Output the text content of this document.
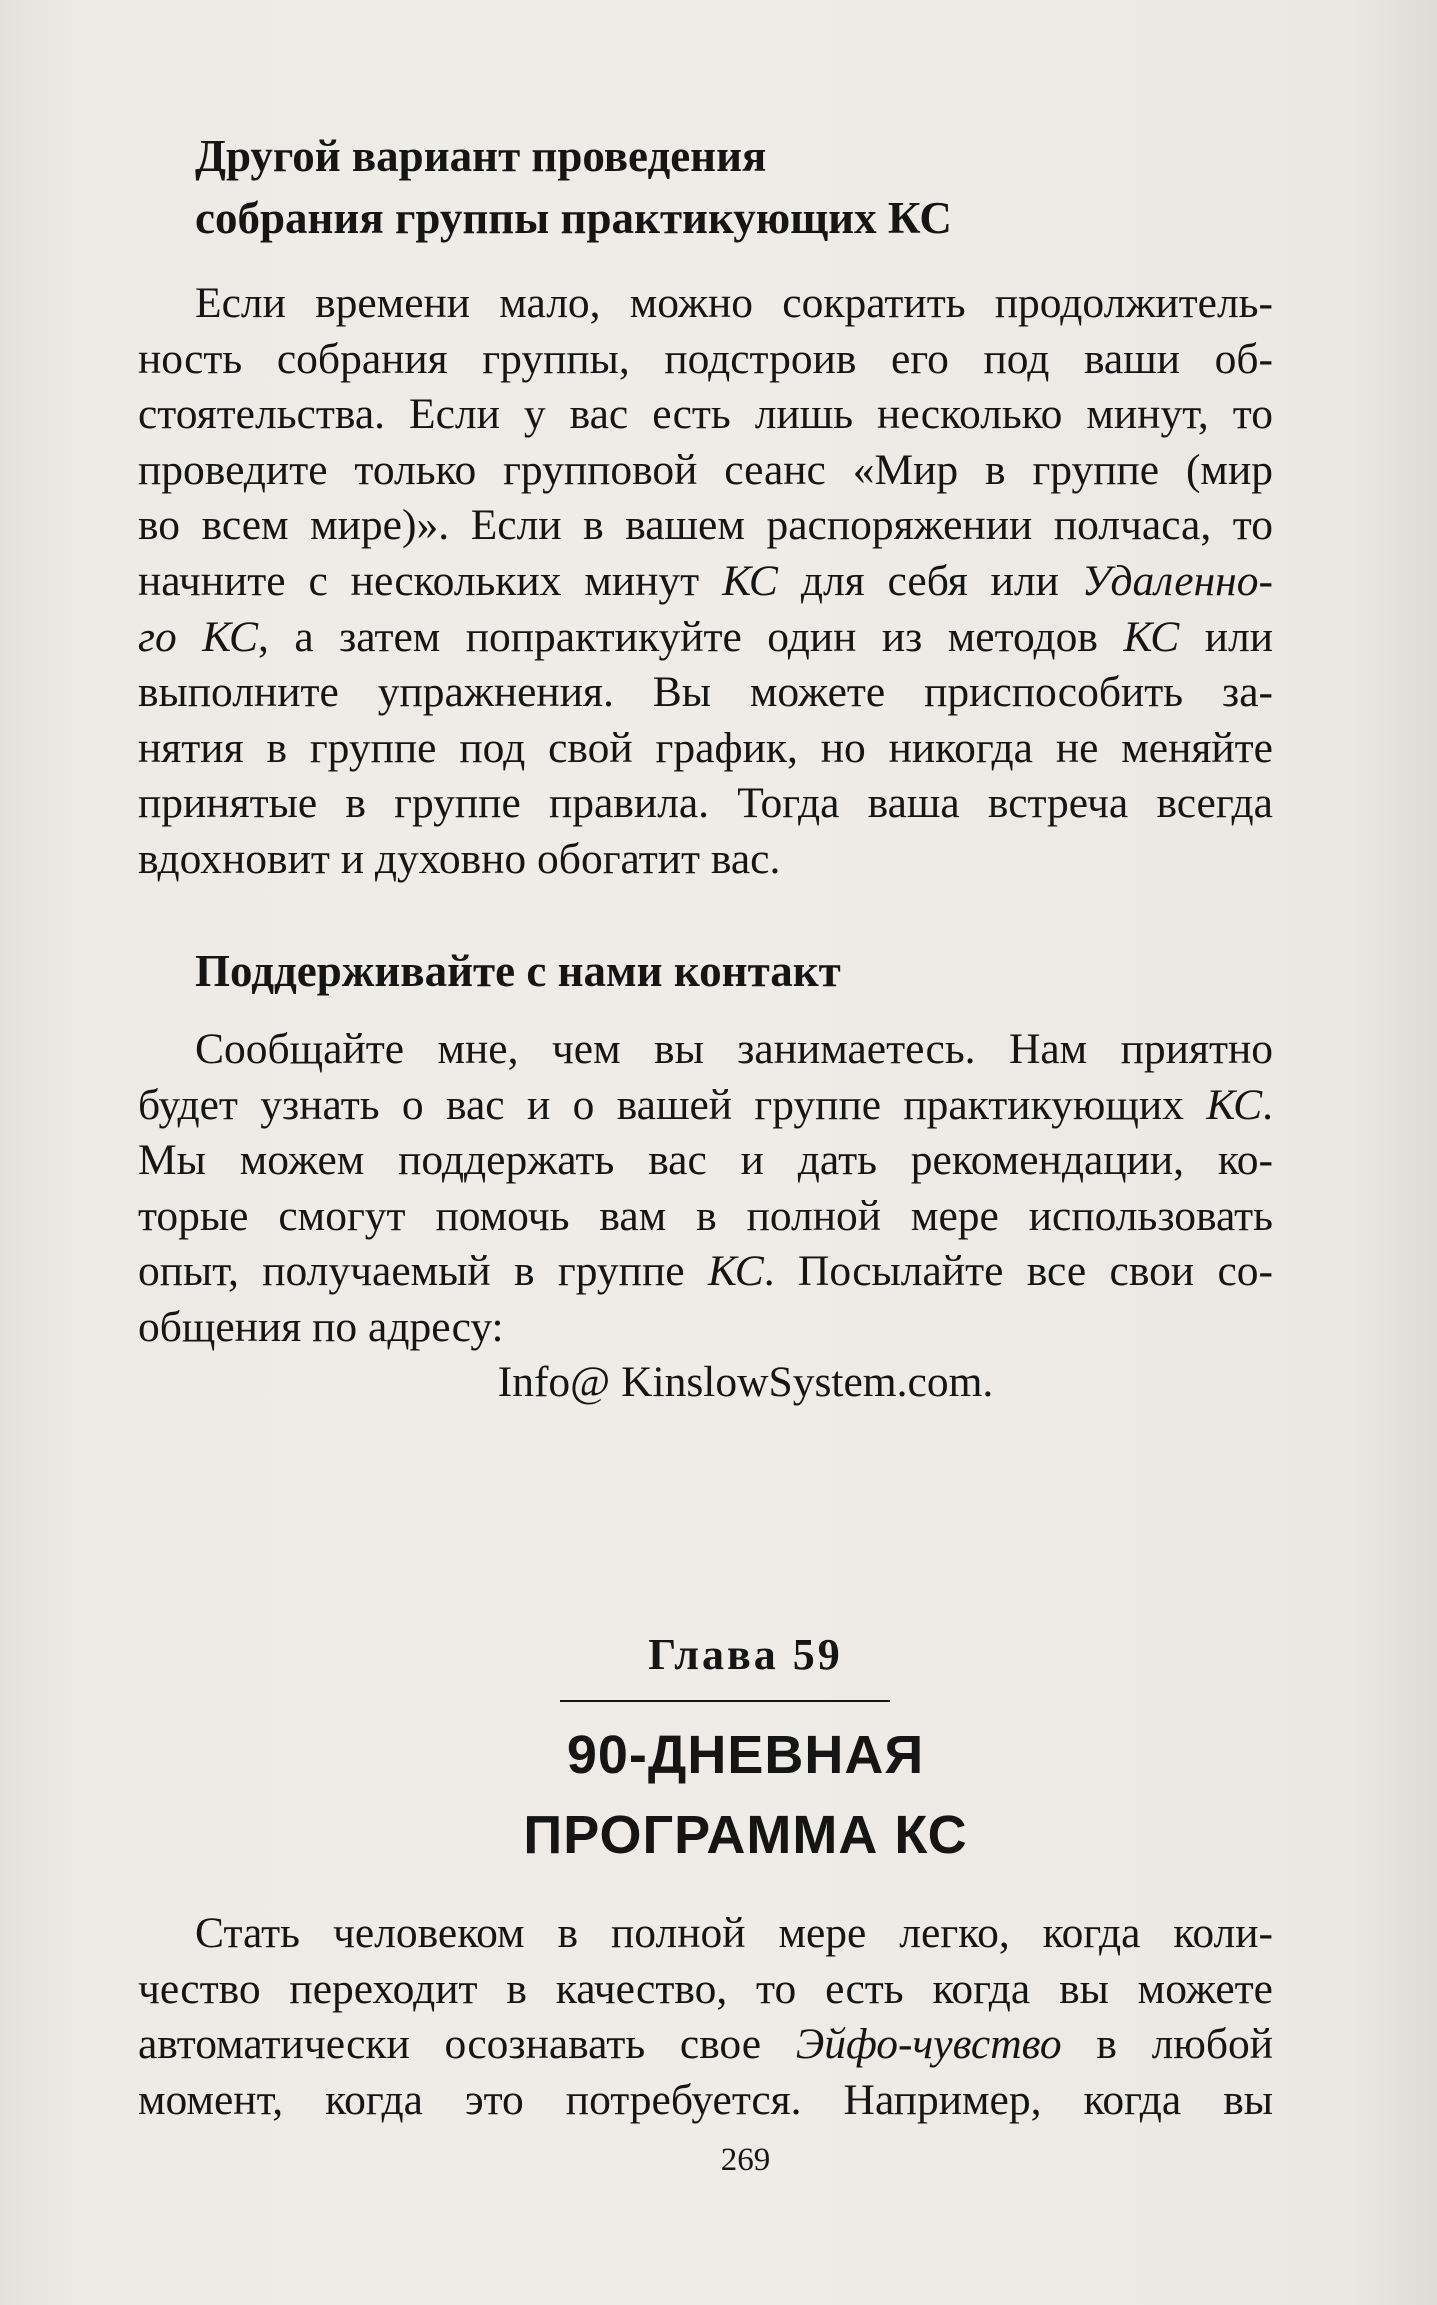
Другой вариант проведения
собрания группы практикующих КС

Если времени мало, можно сократить продолжитель-
ность собрания группы, подстроив его под ваши об-
стоятельства. Если у вас есть лишь несколько минут, то
проведите только групповой сеанс «Мир в группе (мир
во всем мире)». Если в вашем распоряжении полчаса, то
начните с нескольких минут КС для себя или Удаленно-
го КС, а затем попрактикуйте один из методов КС или
выполните упражнения. Вы можете приспособить за-
нятия в группе под свой график, но никогда не меняйте
принятые в группе правила. Тогда ваша встреча всегда
вдохновит и духовно обогатит вас.

Поддерживайте с нами контакт

Сообщайте мне, чем вы занимаетесь. Нам приятно
будет узнать о вас и о вашей группе практикующих КС.
Мы можем поддержать вас и дать рекомендации, ко-
торые смогут помочь вам в полной мере использовать
опыт, получаемый в группе КС. Посылайте все свои со-
общения по адресу:

Info@ KinslowSystem.com.
Глава 59
90-ДНЕВНАЯ
ПРОГРАММА КС

Стать человеком в полной мере легко, когда коли-
чество переходит в качество, то есть когда вы можете
автоматически осознавать свое Эйфо-чувство в любой
момент, когда это потребуется. Например, когда вы

269
